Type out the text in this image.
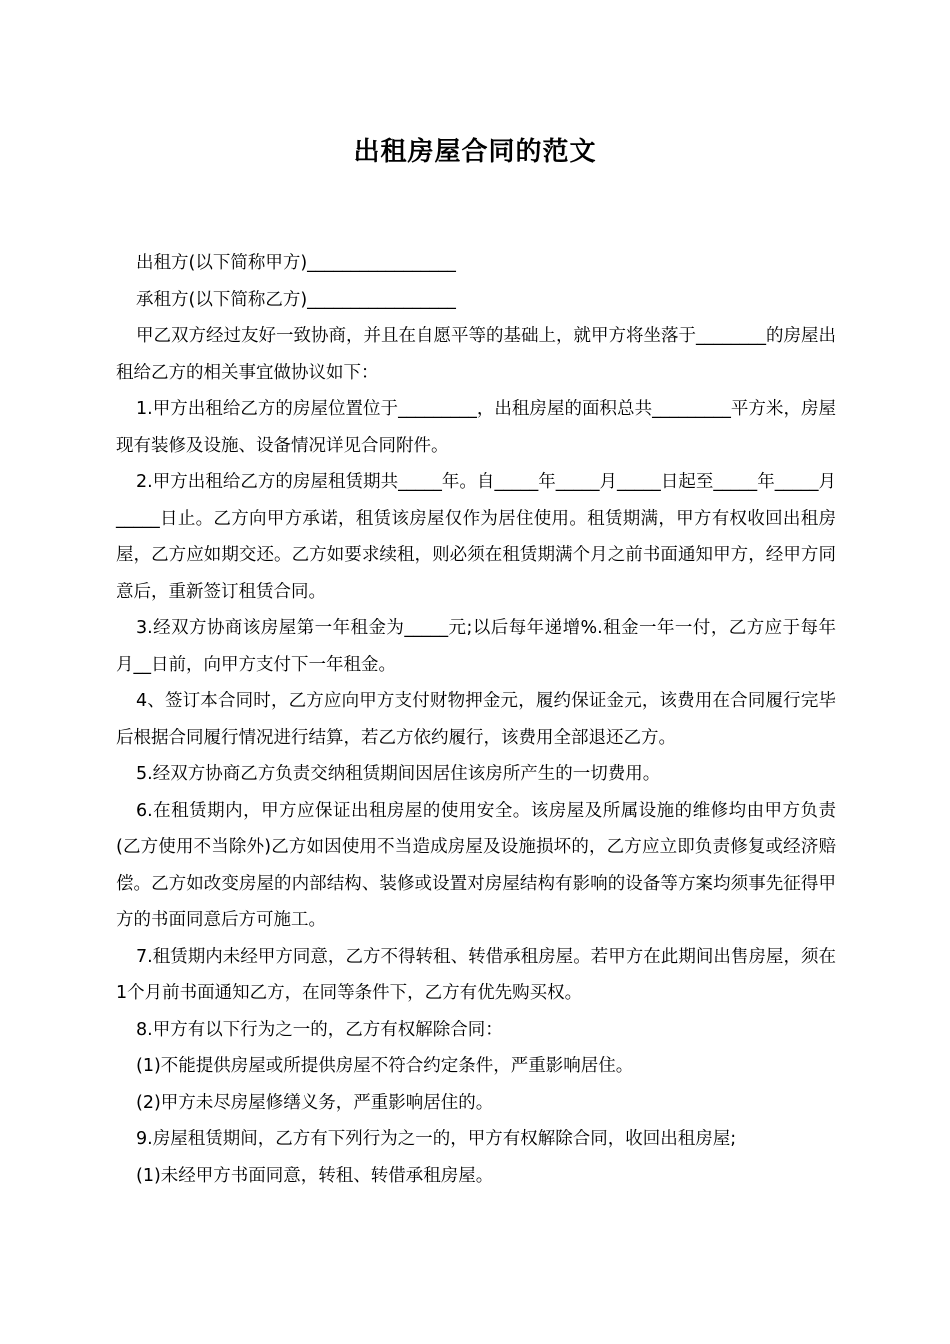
出租房屋合同的范文

出租方(以下简称甲方)_________________

承租方(以下简称乙方)_________________

甲乙双方经过友好一致协商，并且在自愿平等的基础上，就甲方将坐落于________的房屋出租给乙方的相关事宜做协议如下：

1.甲方出租给乙方的房屋位置位于_________，出租房屋的面积总共_________平方米，房屋现有装修及设施、设备情况详见合同附件。

2.甲方出租给乙方的房屋租赁期共_____年。自_____年_____月_____日起至_____年_____月_____日止。乙方向甲方承诺，租赁该房屋仅作为居住使用。租赁期满，甲方有权收回出租房屋，乙方应如期交还。乙方如要求续租，则必须在租赁期满个月之前书面通知甲方，经甲方同意后，重新签订租赁合同。

3.经双方协商该房屋第一年租金为_____元;以后每年递增%.租金一年一付，乙方应于每年月__日前，向甲方支付下一年租金。

4、签订本合同时，乙方应向甲方支付财物押金元，履约保证金元，该费用在合同履行完毕后根据合同履行情况进行结算，若乙方依约履行，该费用全部退还乙方。

5.经双方协商乙方负责交纳租赁期间因居住该房所产生的一切费用。

6.在租赁期内，甲方应保证出租房屋的使用安全。该房屋及所属设施的维修均由甲方负责(乙方使用不当除外)乙方如因使用不当造成房屋及设施损坏的，乙方应立即负责修复或经济赔偿。乙方如改变房屋的内部结构、装修或设置对房屋结构有影响的设备等方案均须事先征得甲方的书面同意后方可施工。

7.租赁期内未经甲方同意，乙方不得转租、转借承租房屋。若甲方在此期间出售房屋，须在1个月前书面通知乙方，在同等条件下，乙方有优先购买权。

8.甲方有以下行为之一的，乙方有权解除合同：

(1)不能提供房屋或所提供房屋不符合约定条件，严重影响居住。

(2)甲方未尽房屋修缮义务，严重影响居住的。

9.房屋租赁期间，乙方有下列行为之一的，甲方有权解除合同，收回出租房屋;

(1)未经甲方书面同意，转租、转借承租房屋。
